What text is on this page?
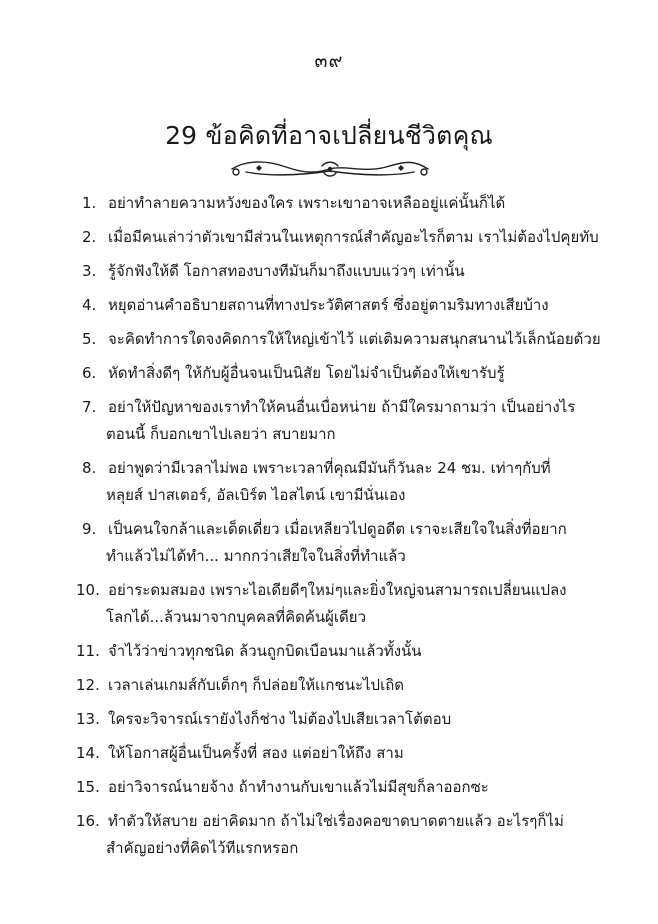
๓๙
29 ข้อคิดที่อาจเปลี่ยนชีวิตคุณ
1. อย่าทำลายความหวังของใคร เพราะเขาอาจเหลืออยู่แค่นั้นก็ได้
2. เมื่อมีคนเล่าว่าตัวเขามีส่วนในเหตุการณ์สำคัญอะไรก็ตาม เราไม่ต้องไปคุยทับ
3. รู้จักฟังให้ดี โอกาสทองบางทีมันก็มาถึงแบบแว่วๆ เท่านั้น
4. หยุดอ่านคำอธิบายสถานที่ทางประวัติศาสตร์ ซึ่งอยู่ตามริมทางเสียบ้าง
5. จะคิดทำการใดจงคิดการให้ใหญ่เข้าไว้ แต่เติมความสนุกสนานไว้เล็กน้อยด้วย
6. หัดทำสิ่งดีๆ ให้กับผู้อื่นจนเป็นนิสัย โดยไม่จำเป็นต้องให้เขารับรู้
7. อย่าให้ปัญหาของเราทำให้คนอื่นเบื่อหน่าย ถ้ามีใครมาถามว่า เป็นอย่างไร
ตอนนี้ ก็บอกเขาไปเลยว่า สบายมาก
8. อย่าพูดว่ามีเวลาไม่พอ เพราะเวลาที่คุณมีมันก็วันละ 24 ชม. เท่าๆกับที่
หลุยส์ ปาสเตอร์, อัลเบิร์ต ไอสไตน์ เขามีนั่นเอง
9. เป็นคนใจกล้าและเด็ดเดี่ยว เมื่อเหลียวไปดูอดีต เราจะเสียใจในสิ่งที่อยาก
ทำแล้วไม่ได้ทำ... มากกว่าเสียใจในสิ่งที่ทำแล้ว
10. อย่าระดมสมอง เพราะไอเดียดีๆใหม่ๆและยิ่งใหญ่จนสามารถเปลี่ยนแปลง
โลกได้...ล้วนมาจากบุคคลที่คิดค้นผู้เดียว
11. จำไว้ว่าข่าวทุกชนิด ล้วนถูกบิดเบือนมาแล้วทั้งนั้น
12. เวลาเล่นเกมส์กับเด็กๆ ก็ปล่อยให้เเกชนะไปเถิด
13. ใครจะวิจารณ์เรายังไงก็ช่าง ไม่ต้องไปเสียเวลาโต้ตอบ
14. ให้โอกาสผู้อื่นเป็นครั้งที่ สอง แต่อย่าให้ถึง สาม
15. อย่าวิจารณ์นายจ้าง ถ้าทำงานกับเขาแล้วไม่มีสุขก็ลาออกซะ
16. ทำตัวให้สบาย อย่าคิดมาก ถ้าไม่ใช่เรื่องคอขาดบาดตายแล้ว อะไรๆก็ไม่
สำคัญอย่างที่คิดไว้ทีแรกหรอก
